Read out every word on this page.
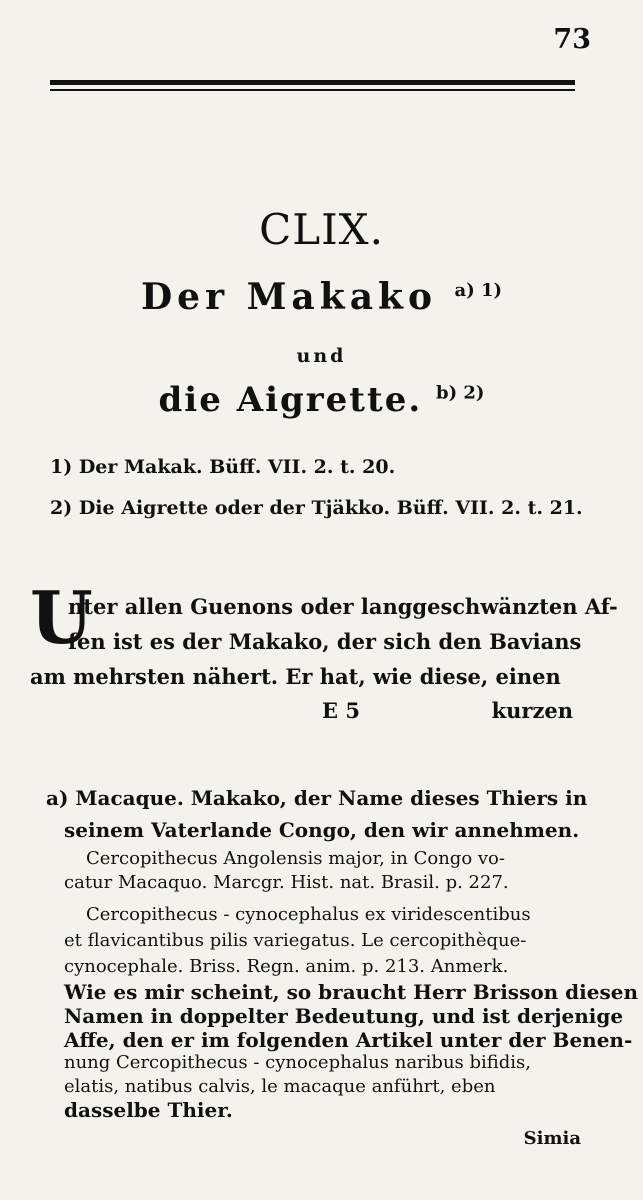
73
CLIX.
Der Makako $^{a) 1)}$
und
die Aigrette. $^{b) 2)}$
1) Der Makak. Büff. VII. 2. t. 20.
2) Die Aigrette oder der Tjäkko. Büff. VII. 2. t. 21.
U
nter allen Guenons oder langgeschwänzten Af-
fen ist es der Makako, der sich den Bavians
am mehrsten nähert. Er hat, wie diese, einen
E 5	kurzen
a) Macaque. Makako, der Name dieses Thiers in
seinem Vaterlande Congo, den wir annehmen.
Cercopithecus Angolensis major, in Congo vo-
catur Macaquo. Marcgr. Hist. nat. Brasil. p. 227.
Cercopithecus - cynocephalus ex viridescentibus
et flavicantibus pilis variegatus. Le cercopithèque-
cynocephale. Briss. Regn. anim. p. 213. Anmerk.
Wie es mir scheint, so braucht Herr Brisson diesen
Namen in doppelter Bedeutung, und ist derjenige
Affe, den er im folgenden Artikel unter der Benen-
nung Cercopithecus - cynocephalus naribus bifidis,
elatis, natibus calvis, le macaque anführt, eben
dasselbe Thier.
Simia
